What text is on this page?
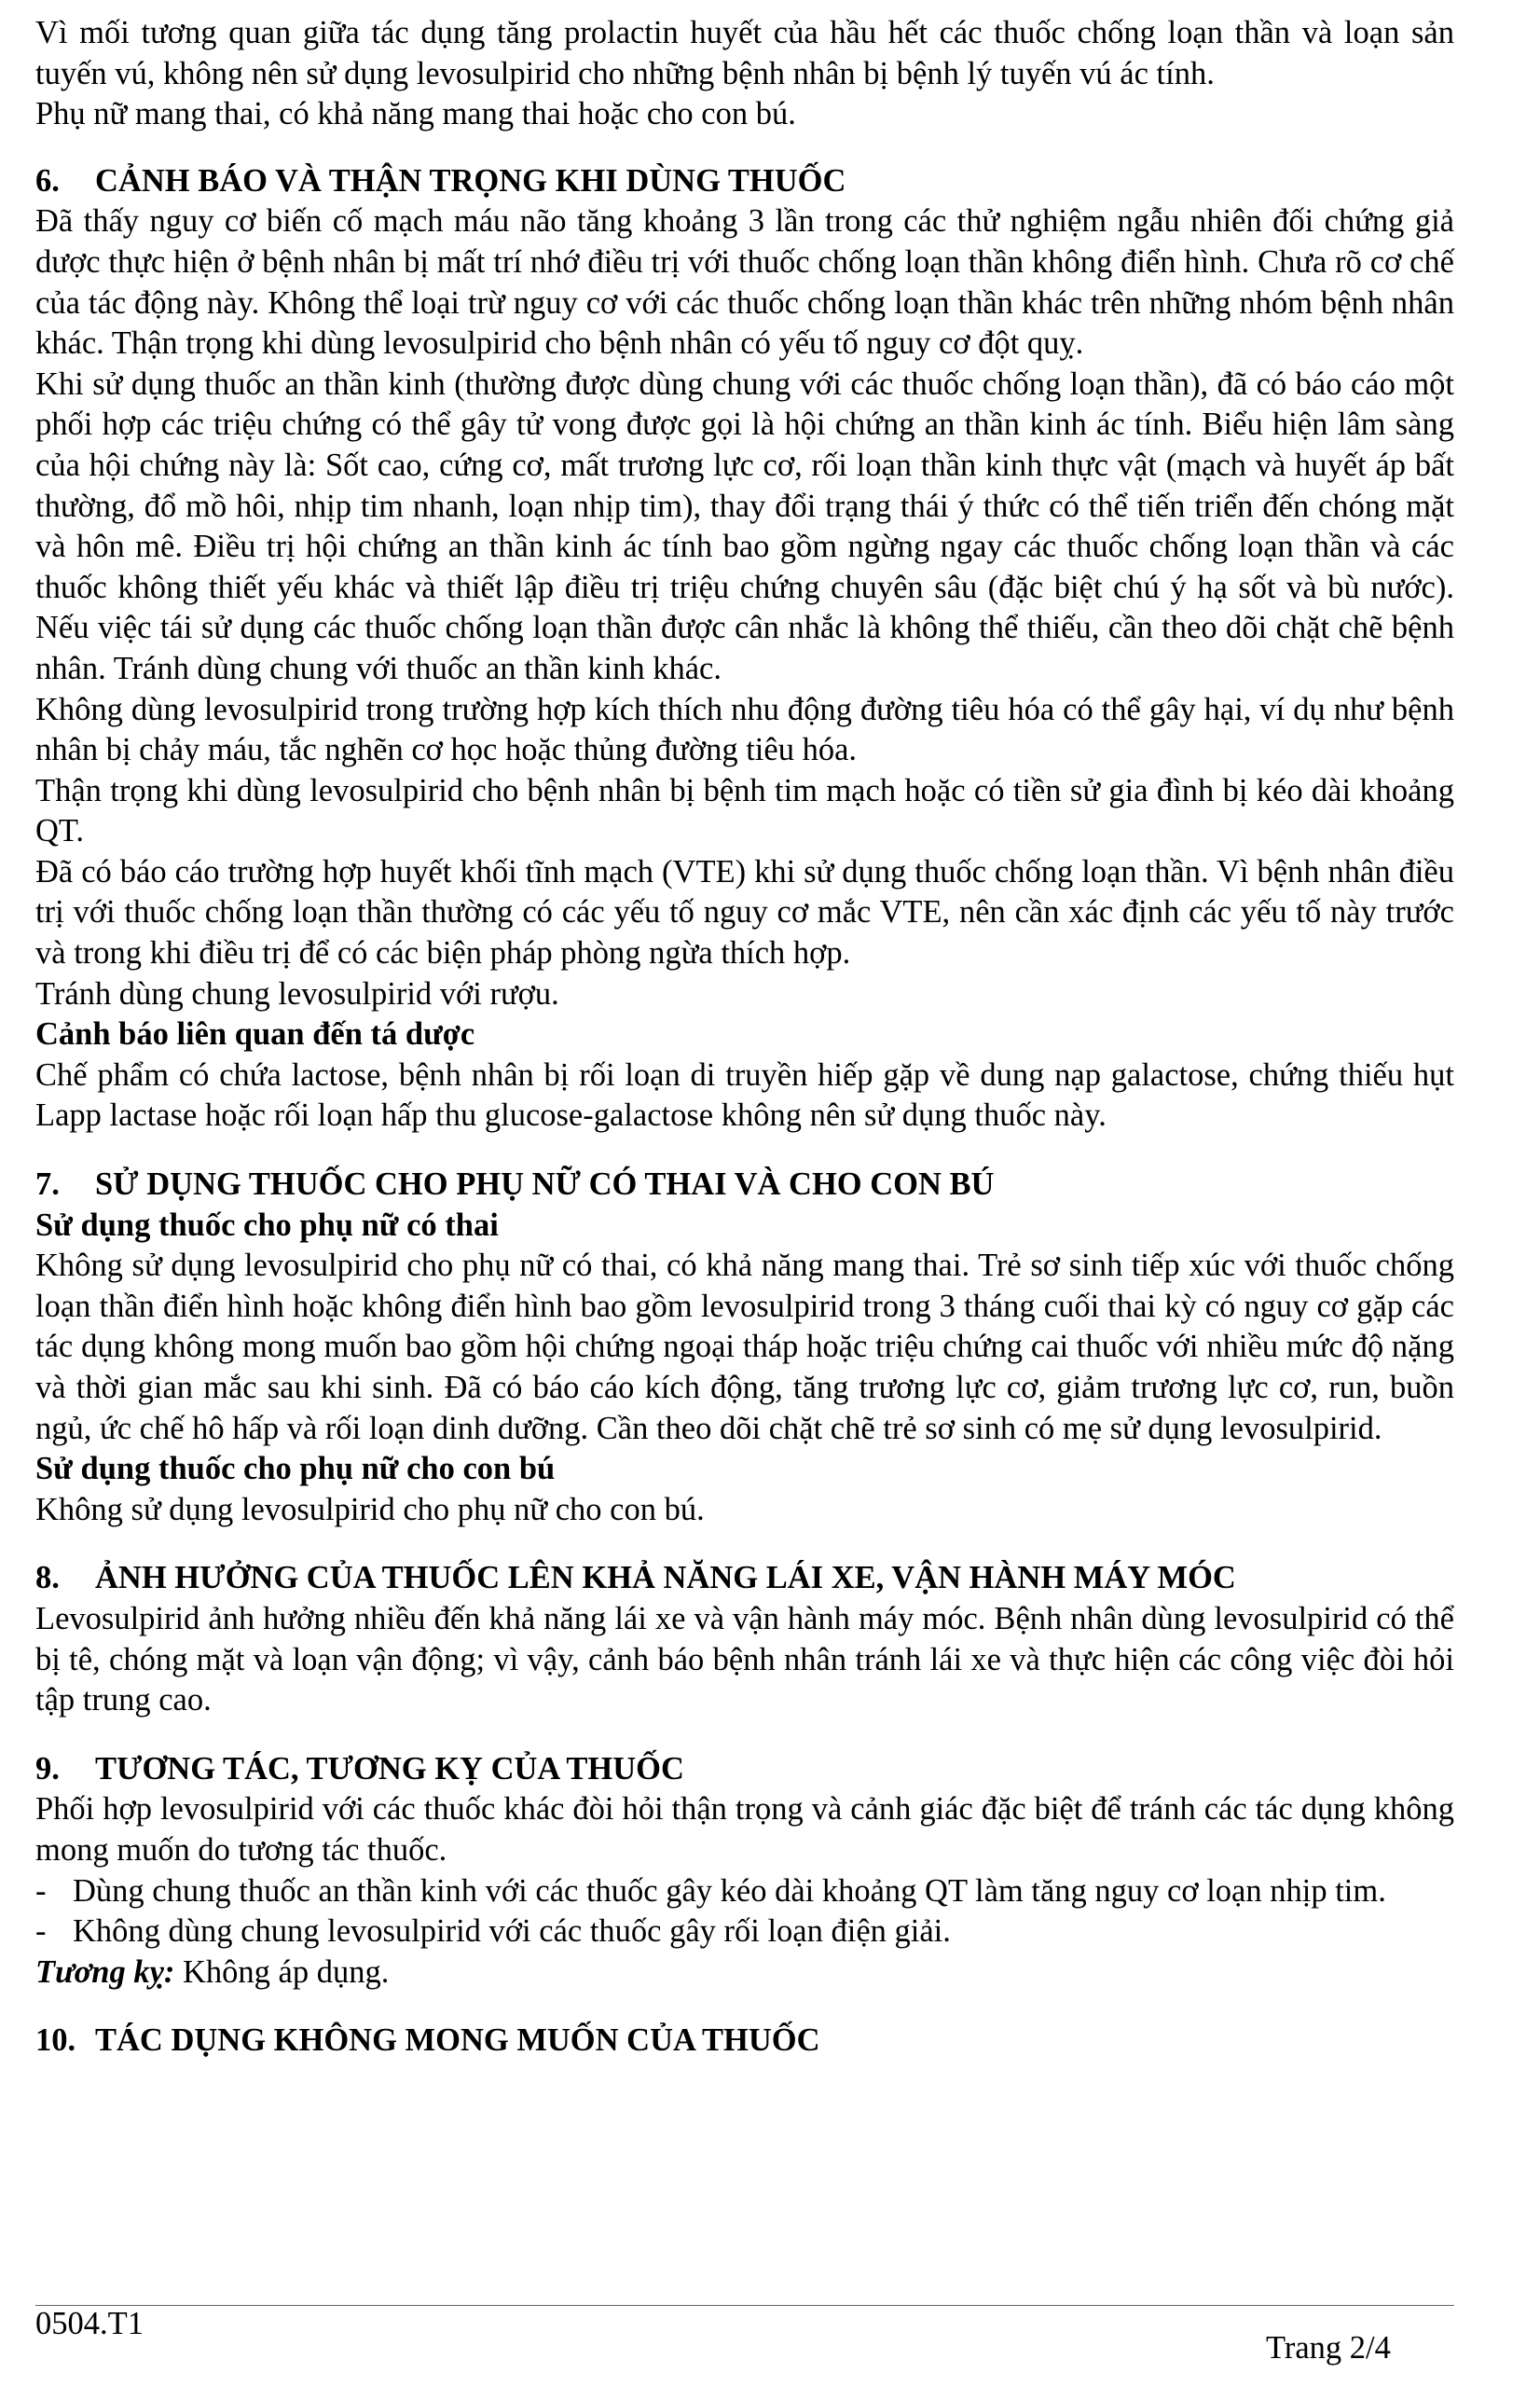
Vì mối tương quan giữa tác dụng tăng prolactin huyết của hầu hết các thuốc chống loạn thần và loạn sản tuyến vú, không nên sử dụng levosulpirid cho những bệnh nhân bị bệnh lý tuyến vú ác tính.

Phụ nữ mang thai, có khả năng mang thai hoặc cho con bú.

6. CẢNH BÁO VÀ THẬN TRỌNG KHI DÙNG THUỐC

Đã thấy nguy cơ biến cố mạch máu não tăng khoảng 3 lần trong các thử nghiệm ngẫu nhiên đối chứng giả dược thực hiện ở bệnh nhân bị mất trí nhớ điều trị với thuốc chống loạn thần không điển hình. Chưa rõ cơ chế của tác động này. Không thể loại trừ nguy cơ với các thuốc chống loạn thần khác trên những nhóm bệnh nhân khác. Thận trọng khi dùng levosulpirid cho bệnh nhân có yếu tố nguy cơ đột quỵ.

Khi sử dụng thuốc an thần kinh (thường được dùng chung với các thuốc chống loạn thần), đã có báo cáo một phối hợp các triệu chứng có thể gây tử vong được gọi là hội chứng an thần kinh ác tính. Biểu hiện lâm sàng của hội chứng này là: Sốt cao, cứng cơ, mất trương lực cơ, rối loạn thần kinh thực vật (mạch và huyết áp bất thường, đổ mồ hôi, nhịp tim nhanh, loạn nhịp tim), thay đổi trạng thái ý thức có thể tiến triển đến chóng mặt và hôn mê. Điều trị hội chứng an thần kinh ác tính bao gồm ngừng ngay các thuốc chống loạn thần và các thuốc không thiết yếu khác và thiết lập điều trị triệu chứng chuyên sâu (đặc biệt chú ý hạ sốt và bù nước). Nếu việc tái sử dụng các thuốc chống loạn thần được cân nhắc là không thể thiếu, cần theo dõi chặt chẽ bệnh nhân. Tránh dùng chung với thuốc an thần kinh khác.

Không dùng levosulpirid trong trường hợp kích thích nhu động đường tiêu hóa có thể gây hại, ví dụ như bệnh nhân bị chảy máu, tắc nghẽn cơ học hoặc thủng đường tiêu hóa.

Thận trọng khi dùng levosulpirid cho bệnh nhân bị bệnh tim mạch hoặc có tiền sử gia đình bị kéo dài khoảng QT.

Đã có báo cáo trường hợp huyết khối tĩnh mạch (VTE) khi sử dụng thuốc chống loạn thần. Vì bệnh nhân điều trị với thuốc chống loạn thần thường có các yếu tố nguy cơ mắc VTE, nên cần xác định các yếu tố này trước và trong khi điều trị để có các biện pháp phòng ngừa thích hợp.

Tránh dùng chung levosulpirid với rượu.

Cảnh báo liên quan đến tá dược

Chế phẩm có chứa lactose, bệnh nhân bị rối loạn di truyền hiếp gặp về dung nạp galactose, chứng thiếu hụt Lapp lactase hoặc rối loạn hấp thu glucose-galactose không nên sử dụng thuốc này.

7. SỬ DỤNG THUỐC CHO PHỤ NỮ CÓ THAI VÀ CHO CON BÚ

Sử dụng thuốc cho phụ nữ có thai

Không sử dụng levosulpirid cho phụ nữ có thai, có khả năng mang thai. Trẻ sơ sinh tiếp xúc với thuốc chống loạn thần điển hình hoặc không điển hình bao gồm levosulpirid trong 3 tháng cuối thai kỳ có nguy cơ gặp các tác dụng không mong muốn bao gồm hội chứng ngoại tháp hoặc triệu chứng cai thuốc với nhiều mức độ nặng và thời gian mắc sau khi sinh. Đã có báo cáo kích động, tăng trương lực cơ, giảm trương lực cơ, run, buồn ngủ, ức chế hô hấp và rối loạn dinh dưỡng. Cần theo dõi chặt chẽ trẻ sơ sinh có mẹ sử dụng levosulpirid.

Sử dụng thuốc cho phụ nữ cho con bú

Không sử dụng levosulpirid cho phụ nữ cho con bú.

8. ẢNH HƯỞNG CỦA THUỐC LÊN KHẢ NĂNG LÁI XE, VẬN HÀNH MÁY MÓC

Levosulpirid ảnh hưởng nhiều đến khả năng lái xe và vận hành máy móc. Bệnh nhân dùng levosulpirid có thể bị tê, chóng mặt và loạn vận động; vì vậy, cảnh báo bệnh nhân tránh lái xe và thực hiện các công việc đòi hỏi tập trung cao.

9. TƯƠNG TÁC, TƯƠNG KỴ CỦA THUỐC

Phối hợp levosulpirid với các thuốc khác đòi hỏi thận trọng và cảnh giác đặc biệt để tránh các tác dụng không mong muốn do tương tác thuốc.

- Dùng chung thuốc an thần kinh với các thuốc gây kéo dài khoảng QT làm tăng nguy cơ loạn nhịp tim.

- Không dùng chung levosulpirid với các thuốc gây rối loạn điện giải.

Tương kỵ: Không áp dụng.

10. TÁC DỤNG KHÔNG MONG MUỐN CỦA THUỐC

0504.T1
Trang 2/4
